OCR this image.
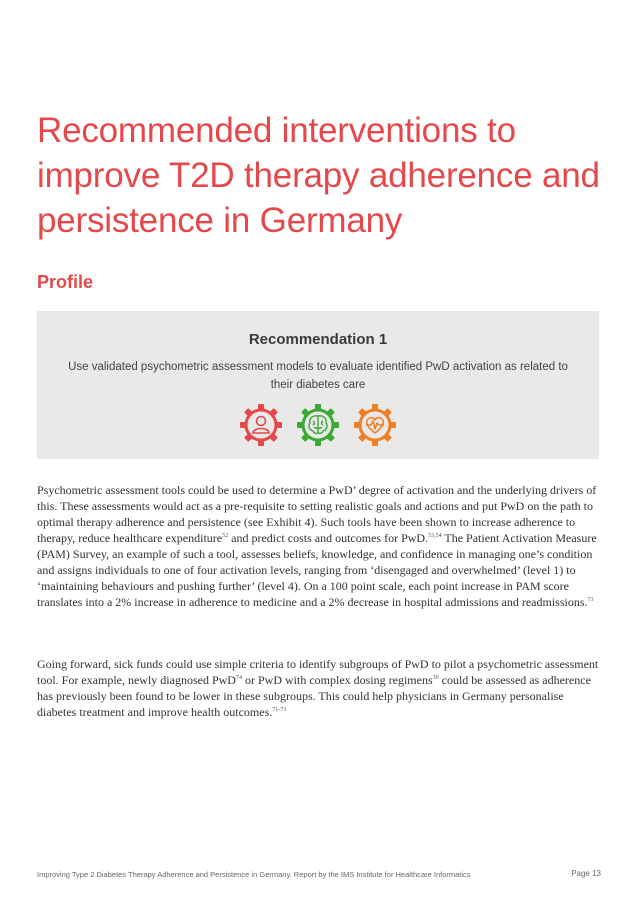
Recommended interventions to improve T2D therapy adherence and persistence in Germany
Profile
Recommendation 1
Use validated psychometric assessment models to evaluate identified PwD activation as related to their diabetes care

Psychometric assessment tools could be used to determine a PwD’ degree of activation and the underlying drivers of this. These assessments would act as a pre-requisite to setting realistic goals and actions and put PwD on the path to optimal therapy adherence and persistence (see Exhibit 4). Such tools have been shown to increase adherence to therapy, reduce healthcare expenditure$^{52}$ and predict costs and outcomes for PwD.$^{53,54}$ The Patient Activation Measure (PAM) Survey, an example of such a tool, assesses beliefs, knowledge, and confidence in managing one’s condition and assigns individuals to one of four activation levels, ranging from ‘disengaged and overwhelmed’ (level 1) to ‘maintaining behaviours and pushing further’ (level 4). On a 100 point scale, each point increase in PAM score translates into a 2% increase in adherence to medicine and a 2% decrease in hospital admissions and readmissions.$^{73}$

Going forward, sick funds could use simple criteria to identify subgroups of PwD to pilot a psychometric assessment tool. For example, newly diagnosed PwD$^{74}$ or PwD with complex dosing regimens$^{30}$ could be assessed as adherence has previously been found to be lower in these subgroups. This could help physicians in Germany personalise diabetes treatment and improve health outcomes.$^{71-73}$

Improving Type 2 Diabetes Therapy Adherence and Persistence in Germany. Report by the IMS Institute for Healthcare Informatics	Page 13
